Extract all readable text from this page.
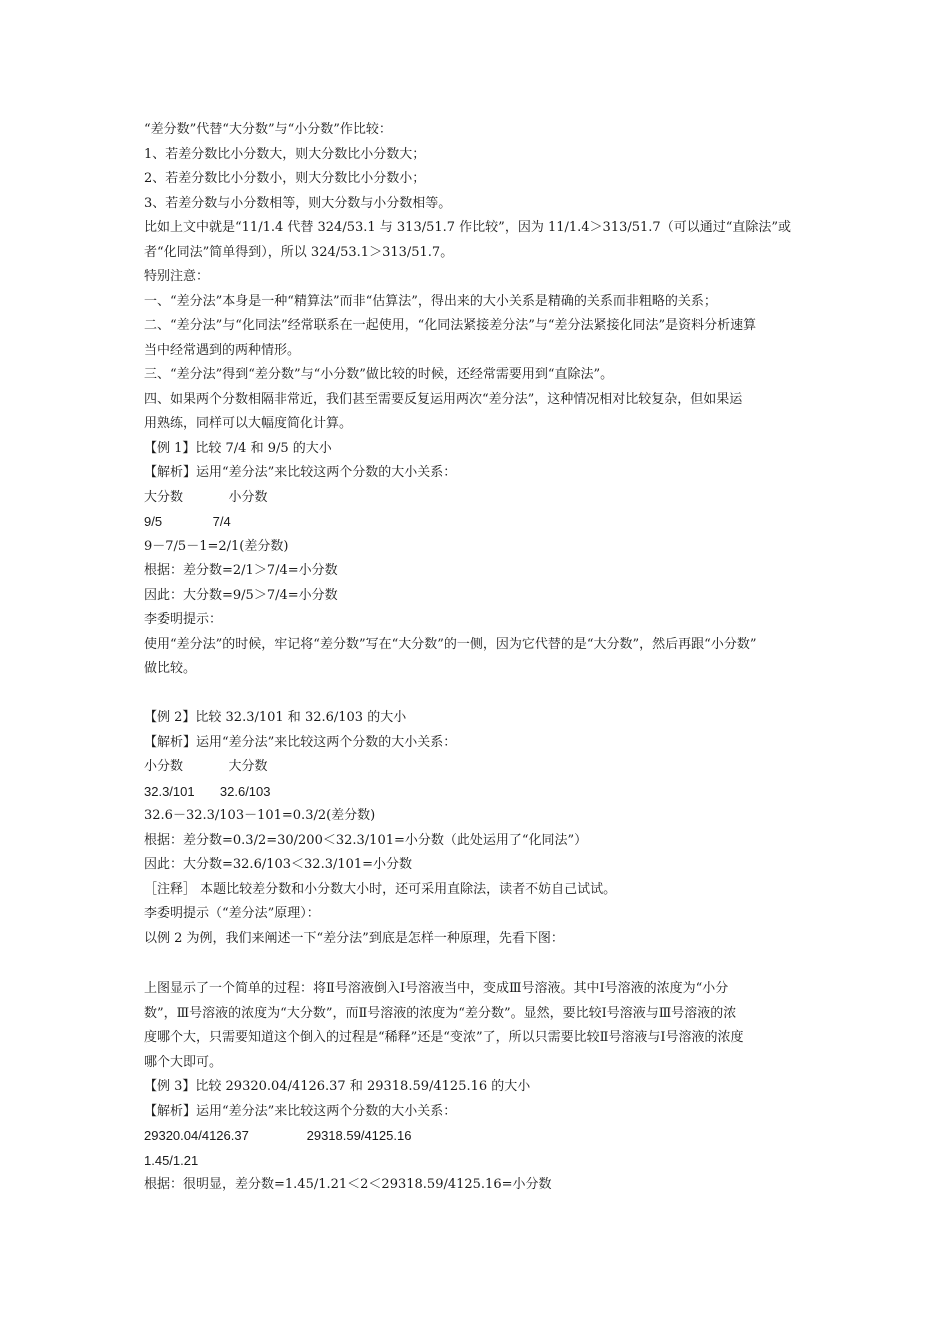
“差分数”代替“大分数”与“小分数”作比较：

1、若差分数比小分数大，则大分数比小分数大；

2、若差分数比小分数小，则大分数比小分数小；

3、若差分数与小分数相等，则大分数与小分数相等。

比如上文中就是“11/1.4 代替 324/53.1 与 313/51.7 作比较”，因为 11/1.4＞313/51.7（可以通过“直除法”或

者“化同法”简单得到），所以 324/53.1＞313/51.7。

特别注意：

一、“差分法”本身是一种“精算法”而非“估算法”，得出来的大小关系是精确的关系而非粗略的关系；

二、“差分法”与“化同法”经常联系在一起使用，“化同法紧接差分法”与“差分法紧接化同法”是资料分析速算

当中经常遇到的两种情形。

三、“差分法”得到“差分数”与“小分数”做比较的时候，还经常需要用到“直除法”。

四、如果两个分数相隔非常近，我们甚至需要反复运用两次“差分法”，这种情况相对比较复杂，但如果运

用熟练，同样可以大幅度简化计算。

【例 1】比较 7/4 和 9/5 的大小

【解析】运用“差分法”来比较这两个分数的大小关系：

大分数           小分数

9/5              7/4

9－7/5－1=2/1(差分数)

根据：差分数=2/1＞7/4=小分数

因此：大分数=9/5＞7/4=小分数

李委明提示：

使用“差分法”的时候，牢记将“差分数”写在“大分数”的一侧，因为它代替的是“大分数”，然后再跟“小分数”

做比较。

【例 2】比较 32.3/101 和 32.6/103 的大小

【解析】运用“差分法”来比较这两个分数的大小关系：

小分数           大分数

32.3/101       32.6/103

32.6－32.3/103－101=0.3/2(差分数)

根据：差分数=0.3/2=30/200＜32.3/101=小分数（此处运用了“化同法”）

因此：大分数=32.6/103＜32.3/101=小分数

［注释］ 本题比较差分数和小分数大小时，还可采用直除法，读者不妨自己试试。

李委明提示（“差分法”原理）：

以例 2 为例，我们来阐述一下“差分法”到底是怎样一种原理，先看下图：

上图显示了一个简单的过程：将Ⅱ号溶液倒入Ⅰ号溶液当中，变成Ⅲ号溶液。其中Ⅰ号溶液的浓度为“小分

数”，Ⅲ号溶液的浓度为“大分数”，而Ⅱ号溶液的浓度为“差分数”。显然，要比较Ⅰ号溶液与Ⅲ号溶液的浓

度哪个大，只需要知道这个倒入的过程是“稀释”还是“变浓”了，所以只需要比较Ⅱ号溶液与Ⅰ号溶液的浓度

哪个大即可。

【例 3】比较 29320.04/4126.37 和 29318.59/4125.16 的大小

【解析】运用“差分法”来比较这两个分数的大小关系：

29320.04/4126.37                29318.59/4125.16

1.45/1.21

根据：很明显，差分数=1.45/1.21＜2＜29318.59/4125.16=小分数
